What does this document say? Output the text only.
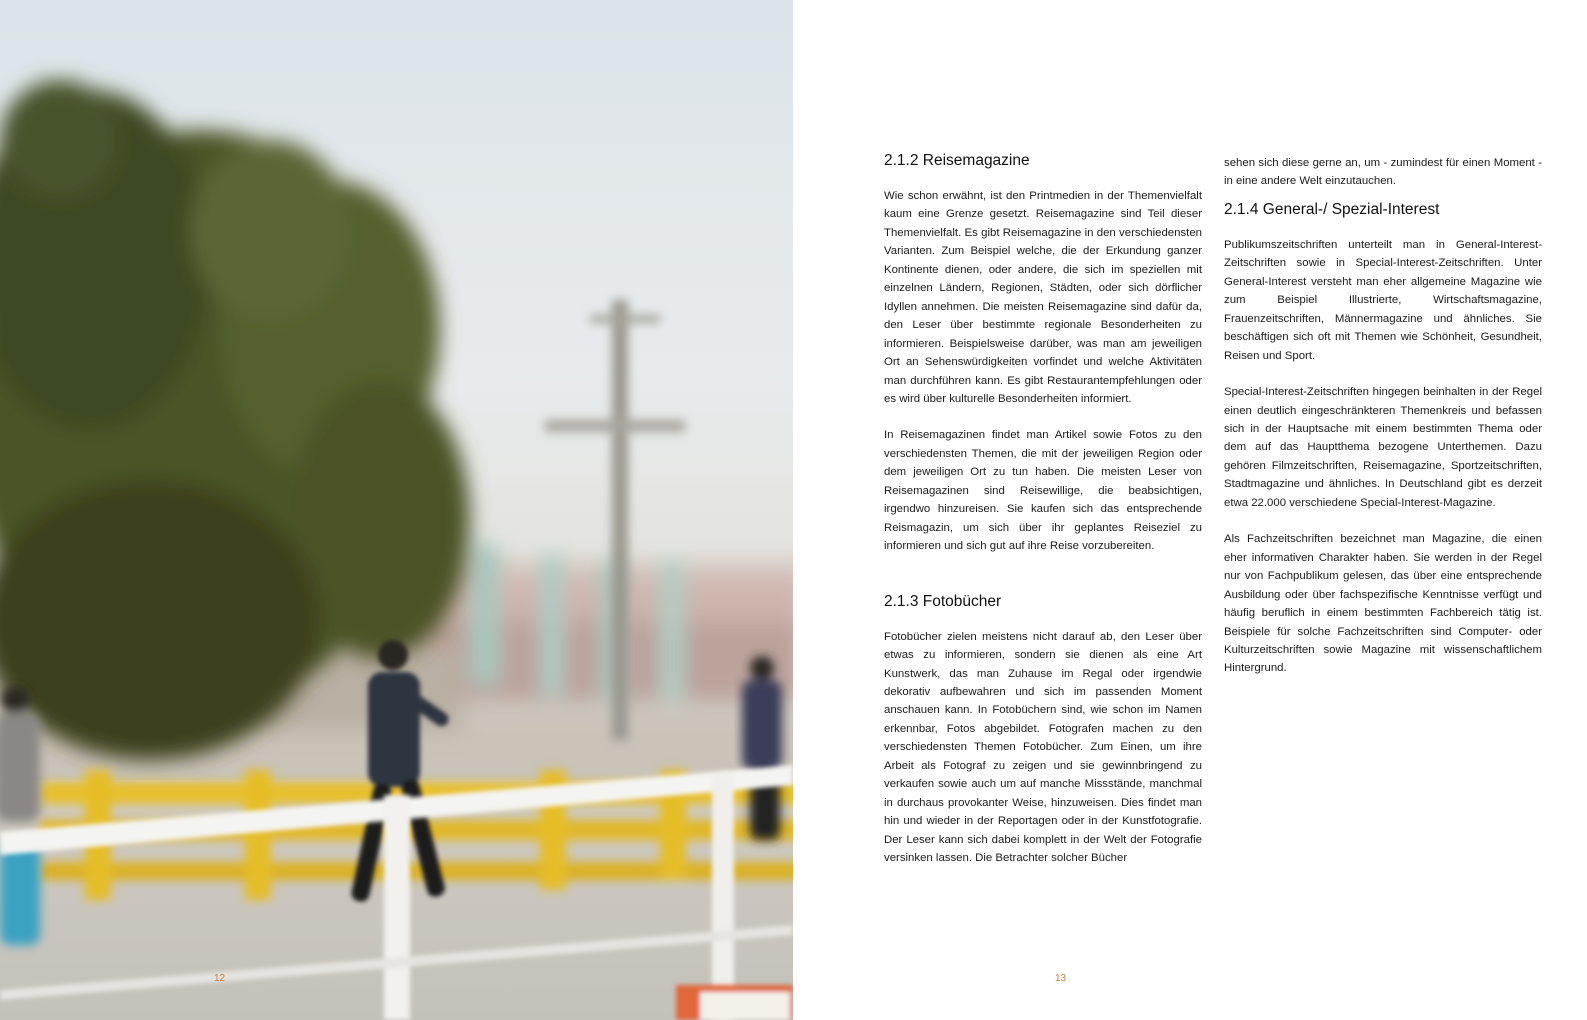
12
2.1.2 Reisemagazine

Wie schon erwähnt, ist den Printmedien in der Themenvielfalt kaum eine Grenze gesetzt. Reisemagazine sind Teil dieser Themenvielfalt. Es gibt Reisemagazine in den verschiedensten Varianten. Zum Beispiel welche, die der Erkundung ganzer Kontinente dienen, oder andere, die sich im speziellen mit einzelnen Ländern, Regionen, Städten, oder sich dörflicher Idyllen annehmen. Die meisten Reisemagazine sind dafür da, den Leser über bestimmte regionale Besonderheiten zu informieren. Beispielsweise darüber, was man am jeweiligen Ort an Sehenswürdigkeiten vorfindet und welche Aktivitäten man durchführen kann. Es gibt Restaurantempfehlungen oder es wird über kulturelle Besonderheiten informiert.

In Reisemagazinen findet man Artikel sowie Fotos zu den verschiedensten Themen, die mit der jeweiligen Region oder dem jeweiligen Ort zu tun haben. Die meisten Leser von Reisemagazinen sind Reisewillige, die beabsichtigen, irgendwo hinzureisen. Sie kaufen sich das entsprechende Reismagazin, um sich über ihr geplantes Reiseziel zu informieren und sich gut auf ihre Reise vorzubereiten.

2.1.3 Fotobücher

Fotobücher zielen meistens nicht darauf ab, den Leser über etwas zu informieren, sondern sie dienen als eine Art Kunstwerk, das man Zuhause im Regal oder irgendwie dekorativ aufbewahren und sich im passenden Moment anschauen kann. In Fotobüchern sind, wie schon im Namen erkennbar, Fotos abgebildet. Fotografen machen zu den verschiedensten Themen Fotobücher. Zum Einen, um ihre Arbeit als Fotograf zu zeigen und sie gewinnbringend zu verkaufen sowie auch um auf manche Missstände, manchmal in durchaus provokanter Weise, hinzuweisen. Dies findet man hin und wieder in der Reportagen oder in der Kunstfotografie. Der Leser kann sich dabei komplett in der Welt der Fotografie versinken lassen. Die Betrachter solcher Bücher

sehen sich diese gerne an, um - zumindest für einen Moment - in eine andere Welt einzutauchen.

2.1.4 General-/ Spezial-Interest

Publikumszeitschriften unterteilt man in General-Interest-Zeitschriften sowie in Special-Interest-Zeitschriften. Unter General-Interest versteht man eher allgemeine Magazine wie zum Beispiel Illustrierte, Wirtschaftsmagazine, Frauenzeitschriften, Männermagazine und ähnliches. Sie beschäftigen sich oft mit Themen wie Schönheit, Gesundheit, Reisen und Sport.

Special-Interest-Zeitschriften hingegen beinhalten in der Regel einen deutlich eingeschränkteren Themenkreis und befassen sich in der Hauptsache mit einem bestimmten Thema oder dem auf das Hauptthema bezogene Unterthemen. Dazu gehören Filmzeitschriften, Reisemagazine, Sportzeitschriften, Stadtmagazine und ähnliches. In Deutschland gibt es derzeit etwa 22.000 verschiedene Special-Interest-Magazine.

Als Fachzeitschriften bezeichnet man Magazine, die einen eher informativen Charakter haben. Sie werden in der Regel nur von Fachpublikum gelesen, das über eine entsprechende Ausbildung oder über fachspezifische Kenntnisse verfügt und häufig beruflich in einem bestimmten Fachbereich tätig ist. Beispiele für solche Fachzeitschriften sind Computer- oder Kulturzeitschriften sowie Magazine mit wissenschaftlichem Hintergrund.

13
